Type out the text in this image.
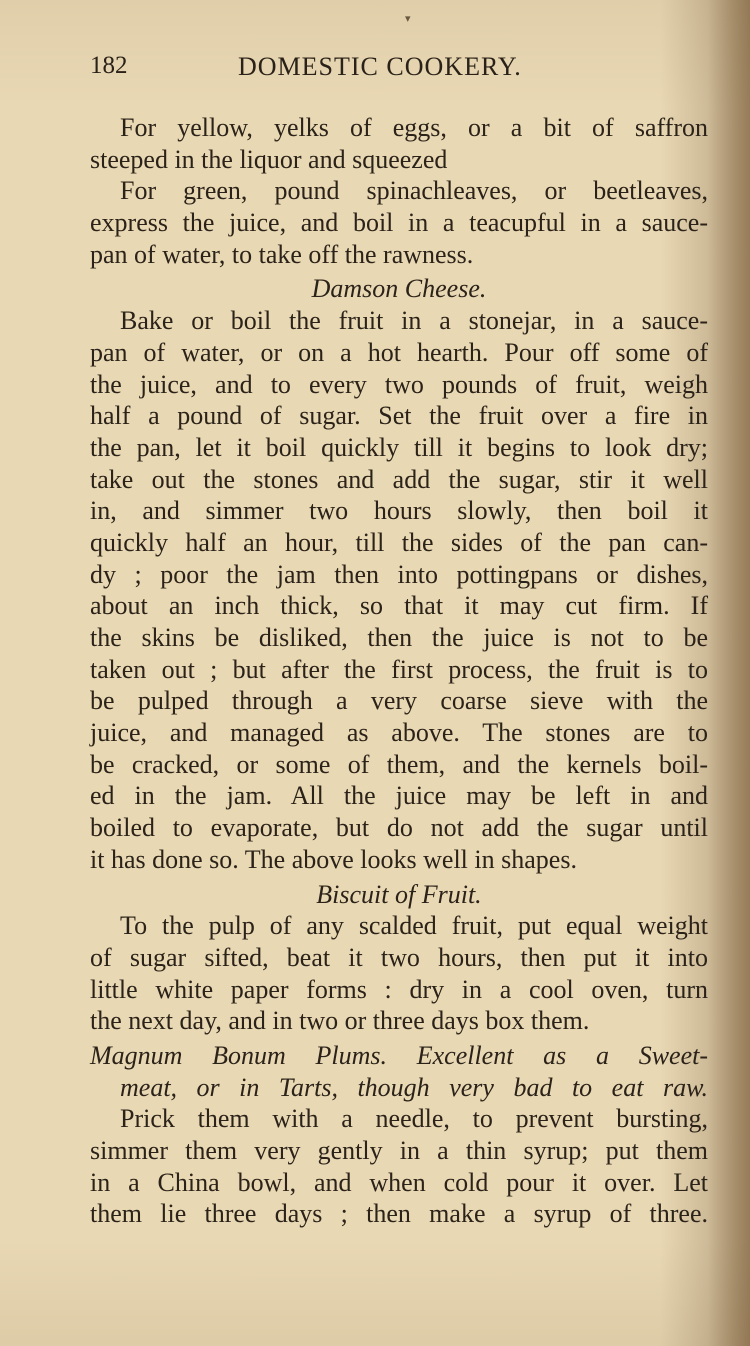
▾
182	DOMESTIC COOKERY.
For yellow, yelks of eggs, or a bit of saffron
steeped in the liquor and squeezed
For green, pound spinachleaves, or beetleaves,
express the juice, and boil in a teacupful in a sauce-
pan of water, to take off the rawness.
Damson Cheese.
Bake or boil the fruit in a stonejar, in a sauce-
pan of water, or on a hot hearth. Pour off some of
the juice, and to every two pounds of fruit, weigh
half a pound of sugar. Set the fruit over a fire in
the pan, let it boil quickly till it begins to look dry;
take out the stones and add the sugar, stir it well
in, and simmer two hours slowly, then boil it
quickly half an hour, till the sides of the pan can-
dy ; poor the jam then into pottingpans or dishes,
about an inch thick, so that it may cut firm. If
the skins be disliked, then the juice is not to be
taken out ; but after the first process, the fruit is to
be pulped through a very coarse sieve with the
juice, and managed as above. The stones are to
be cracked, or some of them, and the kernels boil-
ed in the jam. All the juice may be left in and
boiled to evaporate, but do not add the sugar until
it has done so. The above looks well in shapes.
Biscuit of Fruit.
To the pulp of any scalded fruit, put equal weight
of sugar sifted, beat it two hours, then put it into
little white paper forms : dry in a cool oven, turn
the next day, and in two or three days box them.
Magnum Bonum Plums. Excellent as a Sweet-
meat, or in Tarts, though very bad to eat raw.
Prick them with a needle, to prevent bursting,
simmer them very gently in a thin syrup; put them
in a China bowl, and when cold pour it over. Let
them lie three days ; then make a syrup of three.
